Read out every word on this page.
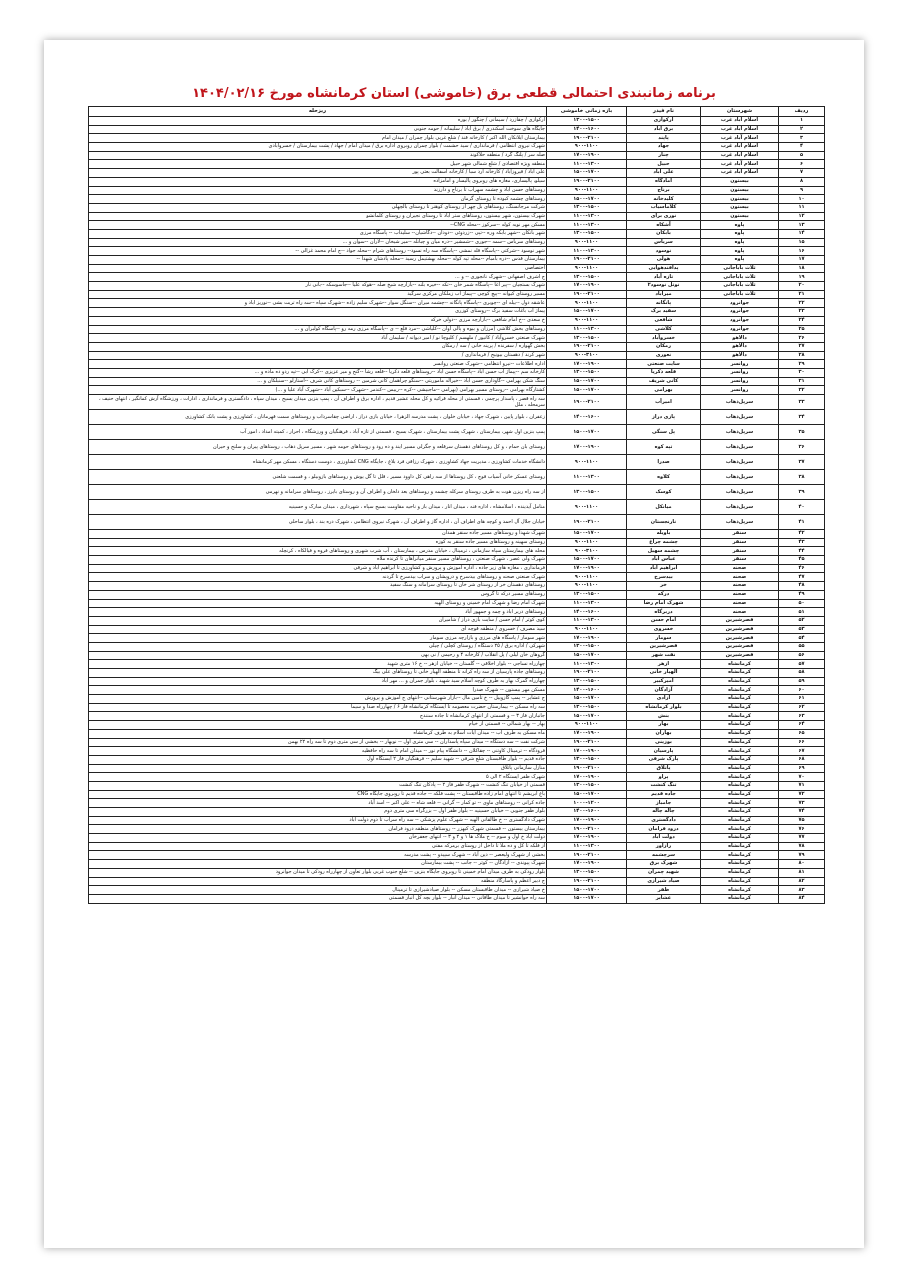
برنامه زمانبندی احتمالی قطعی برق (خاموشی) استان کرمانشاه مورخ ۱۴۰۴/۰۲/۱۶
ردیف	شهرستان	نام فیدر	بازه زمانی خاموشی	ریزحله
۱	اسلام آباد غرب	ارکوازی	۱۳۰۰-۱۵۰۰	ارکوازی / چقازرد / سیمانی / چنگور / بوره
۲	اسلام آباد غرب	برق آباد	۱۴۰۰-۱۶۰۰	جایگاه های سوخت اسکندری / برق آباد / سلیمانه / حومه جنوبی
۳	اسلام آباد غرب	پاپند	۱۹۰۰-۲۱۰۰	بیمارستان ایلانکان الله اکبر / کارخانه قند / شلع غربی بلوار چمران / میدان امام
۴	اسلام آباد غرب	جهاد	۹۰۰-۱۱۰۰	شهرک نیروی انتظامی / فرمانداری / سید حشمت / بلوار چمران روبروی اداره برق / میدان امام / جهاد / پشت بیمارستان / خسروآبادی
۵	اسلام آباد غرب	چنار	۱۷۰۰-۱۹۰۰	صله سر / پلنگ گرد / منطقه حلاکوند
۶	اسلام آباد غرب	حبیل	۱۱۰۰-۱۳۰۰	منطقه ویژه اقتصادی / شلع شمالی شهر حبیل
۷	اسلام آباد غرب	علی آباد	۱۵۰۰-۱۷۰۰	علی آباد / قیروزآباد / کارخانه آرد سبا / کارخانه آسفالت بعثی پور
۸	بیستون	آمادگاه	۱۹۰۰-۲۱۰۰	سیلو، پالیساری، مغازه های روبروی پالیسار و امامزاده
۹	بیستون	برناج	۹۰۰-۱۱۰۰	روستاهای حسن اباد و چشمه سهراب تا برناج و دارزند
۱۰	بیستون	کلیدخانه	۱۵۰۰-۱۷۰۰	روستاهای چشمه کبوده تا روستای گرمان
۱۱	بیستون	کلاماسیاب	۱۳۰۰-۱۵۰۰	شرکت مرجانسنگ، روستاهای بل چهر از روستای کوهنر تا روستای بالچهلی
۱۲	بیستون	نوری برای	۱۱۰۰-۱۳۰۰	شهرک بیستون، شهر بیستون، روستاهای ستر اباد تا روستای نجیران و روستای کلمانشو
۱۳	پاوه	آشکاه	۱۱۰۰-۱۳۰۰	مسکن مهر نوبه کوله --سرکوز --محله CNG--
۱۴	پاوه	بابکان	۱۳۰۰-۱۵۰۰	شهر بانکان --شهر بابکه وره --تپی --زردوئی --دودان --دگاشیان-- سلیدآب -- پاسگاه مرزی
۱۵	پاوه	سرباس	۹۰۰-۱۱۰۰	روستاهای سرباس --سمه --جوری --شمشیر --دره میان و چبانله --میر شیخان --لاران --سوان و ...
۱۶	پاوه	نوسود	۱۱۰۰-۱۳۰۰	شهر نوسود --شرکتی --پاسگاه قله نمشی --پاسگاه سه راه نسود-- روستاهای شرام --محله جواد --ج امام محمد غزالی --
۱۷	پاوه	هولی	۱۹۰۰-۲۱۰۰	بیمارستان قدس --دره بامبام --محله تپه کوله --محله بهشتیمل رسید --محله پادشان شهدا --
۱۸	ثلاث باباجانی	پدافندهوایی	۹۰۰-۱۱۰۰	اختصاصی
۱۹	ثلاث باباجانی	تازه آباد	۱۳۰۰-۱۵۰۰	ج اشرف اصفهانی --شهرک نانجوری -- و ...
۲۰	ثلاث باباجانی	نوتل نوسود۲	۱۷۰۰-۱۹۰۰	شهرک بستجیان --پیر آغا --پاسگاه شمر خان --تکه --خیره بلنه --بازارچه شیخ صله --هوکه علیا --جاسوسکه --بانی نار
۲۱	ثلاث باباجانی	میرآباد	۱۹۰۰-۲۱۰۰	مسیر روستای کیوانه --پیچ کوچی --پیماژ آب زملکان مرکزی سرگید
۲۲	جوانرود	پانگانه	۹۰۰-۱۱۰۰	عاشقه دول --بیله ای --چوبری --پاسگاه پانگانه --چشمه میران --سنگل سوار --شهرک سلیم زاده --شهرک سپاه --سه راه تربت بشی --نوریز اباد و
۲۳	جوانرود	سفید برک	۱۵۰۰-۱۷۰۰	پیماژ آب باغات سفید برک --روستای کوزری
۲۴	جوانرود	شافعی	۹۰۰-۱۱۰۰	خ سعدی --خ امام شافعی --بازارچه مرزی --دولی خرکه
۲۵	جوانرود	کلاشی	۱۱۰۰-۱۳۰۰	روستاهای بخش کلاشی (مرزان و بیوه و پالی آوان --کلیاشی --مرد قلع -- ی --پاسگاه مرزی رمه رو --پاسگاه کولبران و ...
۲۶	دالاهو	خسروآباد	۱۳۰۰-۱۵۰۰	شهرک صنعتی خسروآباد / کانیور / ملهسم / کلیوچا نو / امیر دیوانه / سلیمان آباد
۲۷	دالاهو	رمکان	۱۹۰۰-۲۱۰۰	بخش گهواره / سفرنده / پرینه خانی / سه / رمکان
۲۸	دالاهو	نعوری	۹۰۰-۳۱۰۰	شهر کرند / دهستان بیونیج / فرمانداری /
۲۹	روانسر	سایت صنعتی	۱۷۰۰-۱۹۰۰	اداره اطلاعات --نیرو انتظامی --شهرک صنعتی روانسر
۳۰	روانسر	قلعه ذکریا	۱۳۰۰-۱۵۰۰	کارخانه سم --پیماژ آب حسن اباد --پاسگاه حسن اباد --روستاهای قلعه ذکریا --قلعه رشا --گنج و میر عزیزی --کرک آبی --تپه ردو ده ماده و ...
۳۱	روانسر	کانی شریف	۱۵۰۰-۱۷۰۰	سنگ شکن بهرامی --گاوداری حسن اباد --خیراله ماموریتی --سنگو چراهمان کانی شرمین -- روستاهای کانی شرف --آستارلو --سنبلکان و ...
۳۲	روانسر	بهرامی	۱۵۰۰-۱۷۰۰	کشتارگاه بهرامی --روستای مسیر بهرامی (بهرامی --ماجبیشی --کره --رییس --کندمر --شهرک --سبکین آباد --شهرک آباد علیا و ...)
۳۳	سرپل‌ذهاب	امیرآب	۱۹۰۰-۲۱۰۰	سه راه قصر ، پاسدار پرچمی ، قسمتی از محله قرائیه و کل محله عشیر قدیم ، اداره برق و اطراف آن ، پمپ بنزین میدان بسیج ، میدان سپاه ، دادگستری و فرمانداری ، ادارات ، ورزشگاه آرش کمانگیر ، انتهای حنیف ، سرمحله ، ملل
۳۴	سرپل‌ذهاب	پازی دراز	۱۴۰۰-۱۶۰۰	زعفران ، بلوار پایین ، شهرک جهاد ، خیابان خلوان ، پشت مدرسه الزهرا ، خیابان بازی دراز ، اراضی چقاسرداب و روستاهای سمت قهرمانان ، کشاورزی و پشت بانک کشاورزی
۳۵	سرپل‌ذهاب	پل سنگی	۱۵۰۰-۱۷۰۰	پمپ بنزین اول شهر، بیمارستان ، شهرک پشت بیمارستان ، شهرک بسیج ، قسمتی از تازه آباد ، فرهنگیان و ورزشگاه ، احرار ، کمیته امداد ، امور آب
۳۶	سرپل‌ذهاب	تپه کوه	۱۷۰۰-۱۹۰۰	روستای بان حمام ، و کل روستاهای دهستان سرقلعه و جگرلی مسیر ایند و ده رود و روستاهای حومه شهر ، مسیر سرپل ذهاب ، روستاهای پیران و سلنج و حیران
۳۷	سرپل‌ذهاب	صدرا	۹۰۰-۱۱۰۰	دانشگاه خدمات کشاورزی ، مدیریت جهاد کشاورزی ، شهرک رزاقی فرد بلاغ ، جایگاه CNG کشاورزی ، دوست دستگاه ، مسکن مهر کرمانشاه
۳۸	سرپل‌ذهاب	کلاوه	۱۱۰۰-۱۳۰۰	روستای عسکر خانی آسیاب قوچ ، کل روستاها از سه راهی کل داوود مسیر ، قلل تا گل یوش و روستاهای بازوبیلو ، و قسمت شلعنی
۳۹	سرپل‌ذهاب	کوسک	۱۳۰۰-۱۵۰۰	از سه راه ریزن هوت به طرف روستای سرکله چشمه و روستاهای بعد دلخان و اطراف آن و روستای بایرز ، روستاهای سرامانه و نهرمی
۴۰	سرپل‌ذهاب	میانکل	۹۰۰-۱۱۰۰	منامل آیدینده ، اسلامشاه ، اداره فنه ، میدان انار ، میدان باز و ناحیه مقاومت بسیج سپاه ، شهرداری ، میدان مبارک و حسینیه
۴۱	سرپل‌ذهاب	نارنجستان	۱۹۰۰-۲۱۰۰	خیابان جلال آل احمد و کوچه های اطراف آن ، اداره گاز و اطراف آن ، شهرک نیروی انتظامی ، شهرک دره بند ، بلوار ساحلی
۴۲	سنقر	باویله	۱۵۰۰-۱۷۰۰	شهرک شهدا و روستاهای مسیر جاده سنقر همدان
۴۳	سنقر	چشمه چراغ	۹۰۰-۱۱۰۰	روستای سهینه و روستاهای مسیر جاده سنقر به کوزه
۴۴	سنقر	چشمه سهیل	۹۰۰-۳۱۰۰	محله های بیمارستان سپاه سازمانی ، ترمینال ، خیابان مدرس ، بیمارستان ، آب شرب شهری و روستاهای فروه و فیالکاه ، کرنچله
۴۵	سنقر	عباس آباد	۱۵۰۰-۱۷۰۰	شهرک ولی عصر ، شهرک صنعتی ، روستاهای مسیر سنقر میانراهان تا کرنده ملاه
۴۶	صحنه	ابراهیم آباد	۱۷۰۰-۱۹۰۰	فرمانداری ، مغازه های زیر جاده ، اداره آموزش و پرورش و کشاورزی تا ابراهیم آباد و شرقی
۴۷	صحنه	بیدسرخ	۹۰۰-۱۱۰۰	شهرک صنعتی صحنه و روستاهای بیدسرخ و درویشان و سراب بیدسرخ تا گردنه
۴۸	صحنه	خر	۹۰۰-۱۱۰۰	روستاهای دهستان خر از روستای شر خان تا روستای سرامانه و سنگ سفید
۴۹	صحنه	درکه	۱۳۰۰-۱۵۰۰	روستاهای مسیر درکه تا گروس
۵۰	صحنه	شهرک امام رضا	۱۱۰۰-۱۳۰۰	شهرک امام رضا و شهرک امام خمینی و روستای الهیه
۵۱	صحنه	دربرگاه	۱۴۰۰-۱۶۰۰	روستاهای دربر اباد و چمه و جمهور آباد
۵۲	قصرشیرین	امام حسن	۱۱۰۰-۱۳۰۰	کوی کوثر / امام حسن / سایت بازی دراز / شامیران
۵۳	قصرشیرین	خسروی	۹۰۰-۱۱۰۰	سید مصرف / خسروی / منطقه قوچه ای
۵۴	قصرشیرین	سومار	۱۷۰۰-۱۹۰۰	شهر سومار / پاسگاه های مرزی و بازارچه مرزی سومار
۵۵	قصرشیرین	قصرشیرین	۱۳۰۰-۱۵۰۰	شهرکی / اداره برق / ۲۵ دستگاه / روستای کچلی / چیلی
۵۶	قصرشیرین	نفت شهر	۱۵۰۰-۱۷۰۰	گروهان خان لیلی / پل انقلاب / کارخانه ۴ و رحیمی / نی بهی
۵۷	کرمانشاه	ازهر	۱۱۰۰-۱۳۰۰	چهارراه نساجی -- بلوار اخلاقی -- گلستان -- خیابان ازهر -- خ ۱۶ متری شهید
۵۸	کرمانشاه	الهیار خانی	۱۹۰۰-۲۱۰۰	روستاهای جاده پارسیان از سه راه کرانه تا منطقه الهیار خانی تا روستاهای علی بیگ
۵۹	کرمانشاه	امیرکبیر	۱۳۰۰-۱۵۰۰	چهارراه گمرک بهار به طرف کوچه اسلام سید شهید ، بلوار جمران و ... مهر آباد
۶۰	کرمانشاه	آزادگان	۱۴۰۰-۱۶۰۰	مسکن مهر بیستون -- شهرک صدرا
۶۱	کرمانشاه	آزادی	۱۵۰۰-۱۷۰۰	ج عشایر -- پمپ گازوییل -- خ تامین مال --بازار شهرستانی --انتهای ج آموزش و پرورش
۶۲	کرمانشاه	بلوار کرمانشاه	۱۳۰۰-۱۵۰۰	سه راه مسکن -- بیمارستان حضرت معصومه تا ایستگاه کرمانشاه فاز ۶ / چهارراه صدا و سیما
۶۳	کرمانشاه	بنش	۱۵۰۰-۱۷۰۰	جانبازان فاز ۳ -- و قسمتی از انتهای کرمانشاه تا جاده سنندج
۶۴	کرمانشاه	بهار	۹۰۰-۱۱۰۰	بهار -- بهار شمالی -- قسمتی از خیام
۶۵	کرمانشاه	بهاران	۱۷۰۰-۱۹۰۰	ماه مسکن به طرف آب -- میدان آیات اسلام به طرف کرمانشاه
۶۶	کرمانشاه	بوزینی	۱۹۰۰-۲۱۰۰	شرکت نفت -- سه دستگاه -- میدان سپاه پاسداران -- سی متری اول -- نوبهار -- بخشی از سی متری دوم تا سه راه ۲۲ بهمن
۶۷	کرمانشاه	پارسیان	۱۷۰۰-۱۹۰۰	فرودگاه -- ترمینال کاوتنی -- چقاکلان -- دانشگاه پیام نور -- میدان امام تا سه راه حافظیه
۶۸	کرمانشاه	پارک شرقی	۱۳۰۰-۱۵۰۰	جاده قدیم -- بلوار طاقبستان شلع شرقی -- شهید سلیم -- فرهنگیان فاز ۲ ایستگاه اول
۶۹	کرمانشاه	پاتلاق	۱۹۰۰-۲۱۰۰	منازل سازمانی پاتلاق
۷۰	کرمانشاه	پراو	۱۷۰۰-۱۹۰۰	شهرک ظفر ایستگاه ۲ الی ۵
۷۱	کرمانشاه	تنگ کنشت	۱۳۰۰-۱۵۰۰	قسمتی از خیابان تنگ کنشت -- شهرک ظفر فاز ۲ -- پادکان تنگ کنشت
۷۲	کرمانشاه	جاده قدیم	۱۵۰۰-۱۷۰۰	باغ ابریشم تا انتهای امام زاده طاقبستان -- پشت فلکه -- جاده قدیم تا روبروی جایگاه CNG
۷۳	کرمانشاه	جامباز	۱۰۰۰-۱۲۰۰	جاده کرانی -- روستاهای ماوی -- تو کمار -- گرانی -- قلعه شاه -- علی اکبر -- اسد آباد
۷۴	کرمانشاه	چاله چاله	۱۴۰۰-۱۶۰۰	بلوار ظفر جنوبی -- خیابان حسینیه -- بلوار ظفر اول -- بزرگراه سی متری دوم
۷۵	کرمانشاه	دادگستری	۱۷۰۰-۱۹۰۰	شهرک دادگستری -- خ طالقانی الهیه -- شهرک علوم پزشکی -- سه راه سراب تا دوم دولت آباد
۷۶	کرمانشاه	درود فرامان	۱۹۰۰-۲۱۰۰	بیمارستان بیستون -- قسمتی شهرک کیهزر -- روستاهای منطقه درود فرامان
۷۷	کرمانشاه	دولت آباد	۱۷۰۰-۱۹۰۰	دولت آباد خ اول و سوم -- خ ملاک ها ۱ و ۲ و ۳ -- انتهای جعفرخان
۷۸	کرمانشاه	رازآور	۱۱۰۰-۱۳۰۰	از فلکه تا کل و ده ملا تا داخل از روستای برمرکه مفتی
۷۹	کرمانشاه	سرچشمه	۱۹۰۰-۲۱۰۰	بخشی از شهرک ولیعصر -- دین آباد -- شهرک سپیدو -- پشت مدرسه
۸۰	کرمانشاه	شهرک برق	۱۷۰۰-۱۹۰۰	شهرک پیوندی -- آزادگان -- کوثر -- جانب -- پشت بیمارستان
۸۱	کرمانشاه	شهید چمران	۱۳۰۰-۱۵۰۰	بلوار رودکی به طرف میدان امام خمینی تا روبروی جایگاه بنزین -- شلع جنوب غربی بلوار تعاون از چهارراه رودکی تا میدان جوانرود
۸۲	کرمانشاه	صیاد شیرازی	۱۹۰۰-۲۱۰۰	ج دبیر اعظم و پاسارگاد منطقه
۸۳	کرمانشاه	ظفر	۱۵۰۰-۱۷۰۰	خ صیاد شیرازی -- میدان طاقبستان مسکن -- بلوار صیادشیرازی تا ترمینال
۸۴	کرمانشاه	عشایر	۱۵۰۰-۱۷۰۰	سه راه حوانشیر تا میدان طاقانی -- میدان انبار -- بلوار بچه کل انبار قسمتی
